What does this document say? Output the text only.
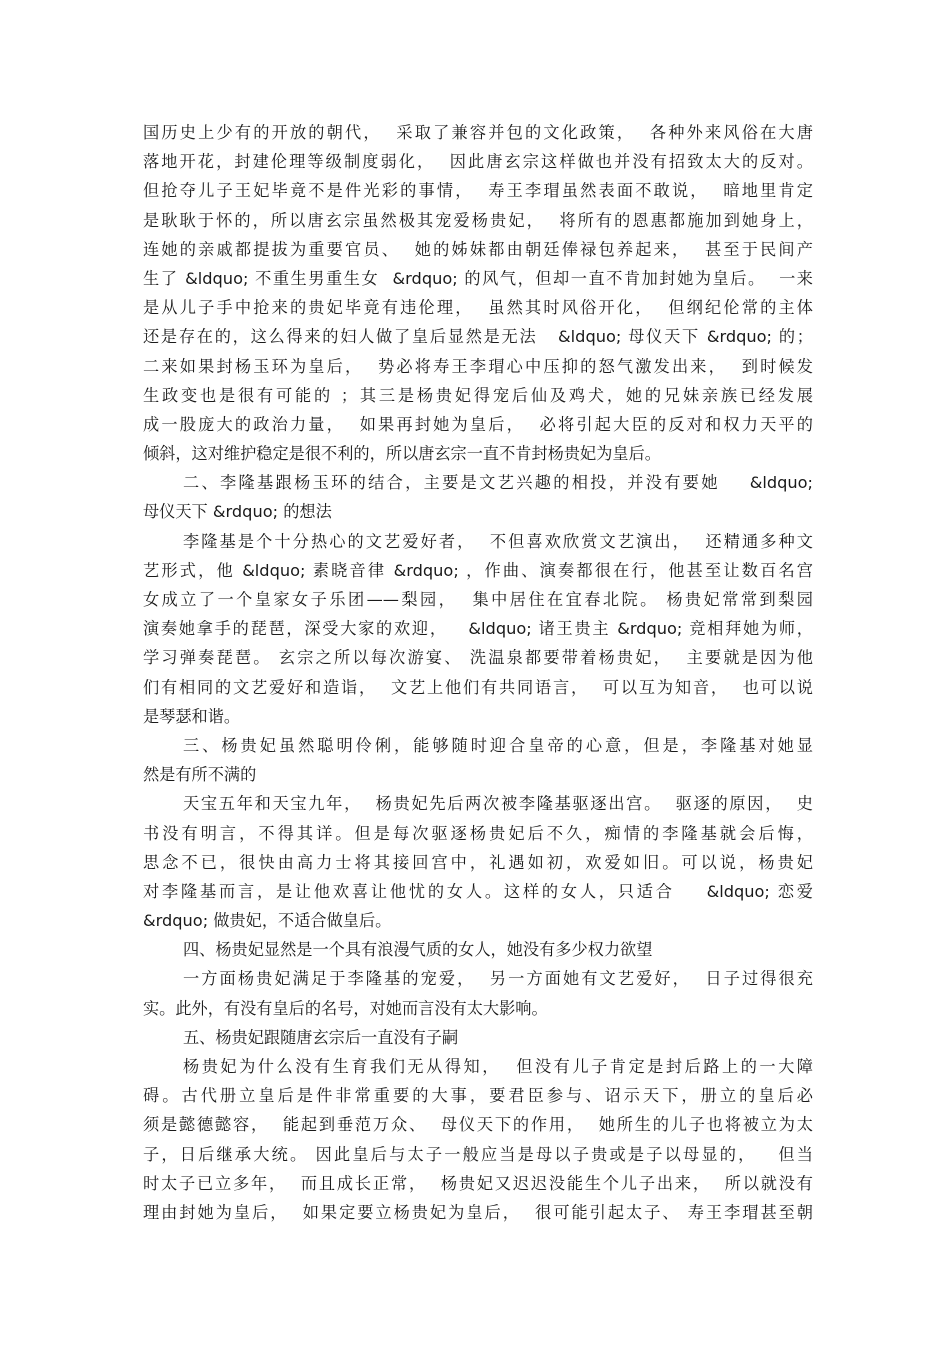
国历史上少有的开放的朝代，  采取了兼容并包的文化政策，  各种外来风俗在大唐
落地开花，封建伦理等级制度弱化，  因此唐玄宗这样做也并没有招致太大的反对。
但抢夺儿子王妃毕竟不是件光彩的事情，  寿王李瑁虽然表面不敢说，  暗地里肯定
是耿耿于怀的，所以唐玄宗虽然极其宠爱杨贵妃，  将所有的恩惠都施加到她身上，
连她的亲戚都提拔为重要官员、  她的姊妹都由朝廷俸禄包养起来，  甚至于民间产
生了 &ldquo; 不重生男重生女  &rdquo; 的风气，但却一直不肯加封她为皇后。  一来
是从儿子手中抢来的贵妃毕竟有违伦理，  虽然其时风俗开化，  但纲纪伦常的主体
还是存在的，这么得来的妇人做了皇后显然是无法   &ldquo; 母仪天下 &rdquo; 的；
二来如果封杨玉环为皇后，  势必将寿王李瑁心中压抑的怒气激发出来，  到时候发
生政变也是很有可能的 ；其三是杨贵妃得宠后仙及鸡犬，她的兄妹亲族已经发展
成一股庞大的政治力量，  如果再封她为皇后，  必将引起大臣的反对和权力天平的
倾斜，这对维护稳定是很不利的，所以唐玄宗一直不肯封杨贵妃为皇后。
二、李隆基跟杨玉环的结合，主要是文艺兴趣的相投，并没有要她    &ldquo;
母仪天下 &rdquo; 的想法
李隆基是个十分热心的文艺爱好者，  不但喜欢欣赏文艺演出，  还精通多种文
艺形式，他 &ldquo; 素晓音律 &rdquo; ，作曲、演奏都很在行，他甚至让数百名宫
女成立了一个皇家女子乐团——梨园，  集中居住在宜春北院。 杨贵妃常常到梨园
演奏她拿手的琵琶，深受大家的欢迎，   &ldquo; 诸王贵主 &rdquo; 竞相拜她为师，
学习弹奏琵琶。 玄宗之所以每次游宴、 洗温泉都要带着杨贵妃，  主要就是因为他
们有相同的文艺爱好和造诣，  文艺上他们有共同语言，  可以互为知音，  也可以说
是琴瑟和谐。
三、杨贵妃虽然聪明伶俐，能够随时迎合皇帝的心意，但是，李隆基对她显
然是有所不满的
天宝五年和天宝九年，  杨贵妃先后两次被李隆基驱逐出宫。  驱逐的原因，  史
书没有明言，不得其详。但是每次驱逐杨贵妃后不久，痴情的李隆基就会后悔，
思念不已，很快由高力士将其接回宫中，礼遇如初，欢爱如旧。可以说，杨贵妃
对李隆基而言，是让他欢喜让他忧的女人。这样的女人，只适合    &ldquo; 恋爱
&rdquo; 做贵妃，不适合做皇后。
四、杨贵妃显然是一个具有浪漫气质的女人，她没有多少权力欲望
一方面杨贵妃满足于李隆基的宠爱，  另一方面她有文艺爱好，  日子过得很充
实。此外，有没有皇后的名号，对她而言没有太大影响。
五、杨贵妃跟随唐玄宗后一直没有子嗣
杨贵妃为什么没有生育我们无从得知，  但没有儿子肯定是封后路上的一大障
碍。古代册立皇后是件非常重要的大事，要君臣参与、诏示天下，册立的皇后必
须是懿德懿容，  能起到垂范万众、  母仪天下的作用，  她所生的儿子也将被立为太
子，日后继承大统。 因此皇后与太子一般应当是母以子贵或是子以母显的，   但当
时太子已立多年，  而且成长正常，  杨贵妃又迟迟没能生个儿子出来，  所以就没有
理由封她为皇后，  如果定要立杨贵妃为皇后，  很可能引起太子、 寿王李瑁甚至朝
